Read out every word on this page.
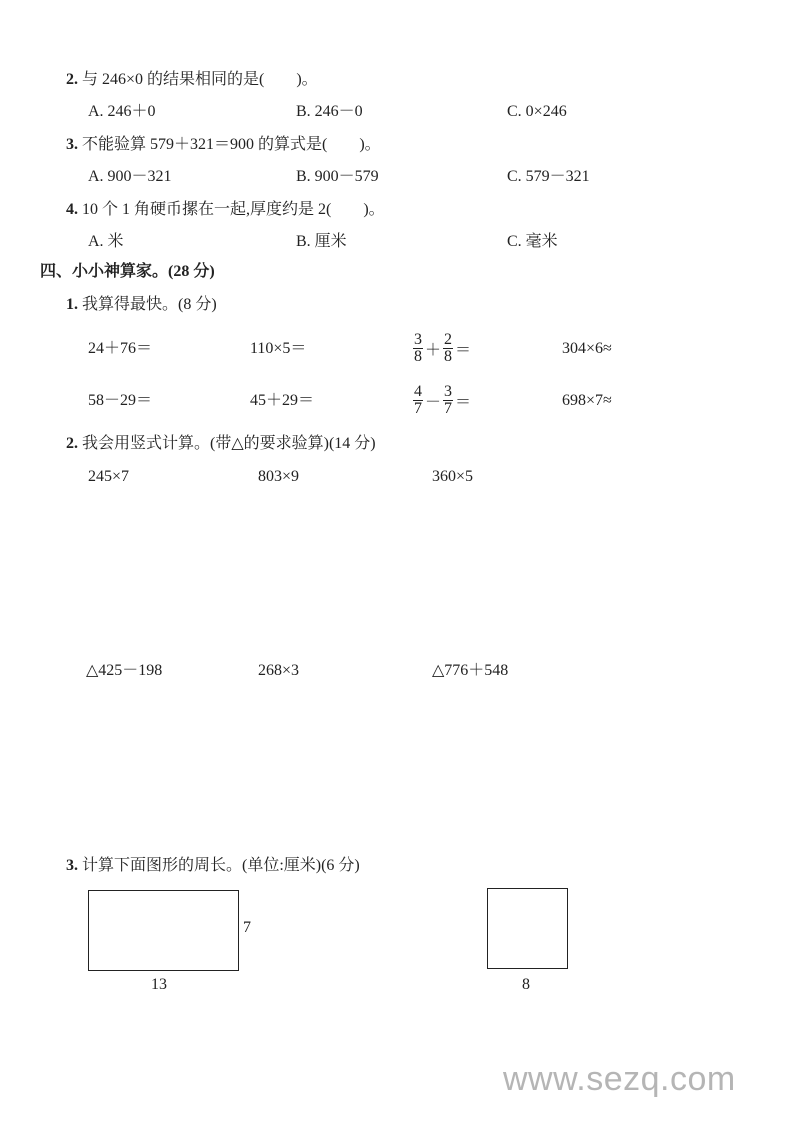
2. 与 246×0 的结果相同的是(　　)。
A. 246＋0	B. 246－0	C. 0×246
3. 不能验算 579＋321＝900 的算式是(　　)。
A. 900－321	B. 900－579	C. 579－321
4. 10 个 1 角硬币摞在一起,厚度约是 2(　　)。
A. 米	B. 厘米	C. 毫米
四、小小神算家。(28 分)
1. 我算得最快。(8 分)
24＋76＝	110×5＝	$\frac{3}{8} + \frac{2}{8}$ ＝	304×6≈
58－29＝	45＋29＝	$\frac{4}{7} - \frac{3}{7}$ ＝	698×7≈
2. 我会用竖式计算。(带△的要求验算)(14 分)
245×7	803×9	360×5
△425－198	268×3	△776＋548
3. 计算下面图形的周长。(单位:厘米)(6 分)
7
13	8
www.sezq.com
